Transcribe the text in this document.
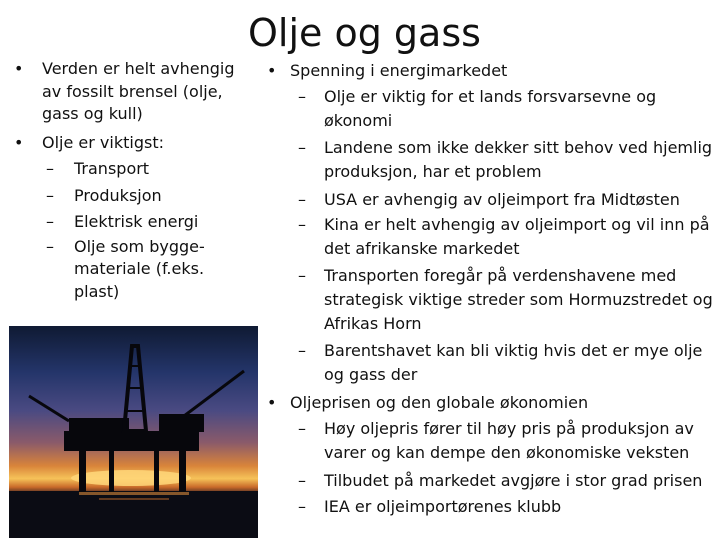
Olje og gass
• Verden er helt avhengig av fossilt brensel (olje, gass og kull)
• Olje er viktigst:
– Transport
– Produksjon
– Elektrisk energi
– Olje som bygge-materiale (f.eks. plast)
• Spenning i energimarkedet
– Olje er viktig for et lands forsvarsevne og økonomi
– Landene som ikke dekker sitt behov ved hjemlig produksjon, har et problem
– USA er avhengig av oljeimport fra Midtøsten
– Kina er helt avhengig av oljeimport og vil inn på det afrikanske markedet
– Transporten foregår på verdenshavene med strategisk viktige streder som Hormuzstredet og Afrikas Horn
– Barentshavet kan bli viktig hvis det er mye olje og gass der
• Oljeprisen og den globale økonomien
– Høy oljepris fører til høy pris på produksjon av varer og kan dempe den økonomiske veksten
– Tilbudet på markedet avgjøre i stor grad prisen
– IEA er oljeimportørenes klubb
